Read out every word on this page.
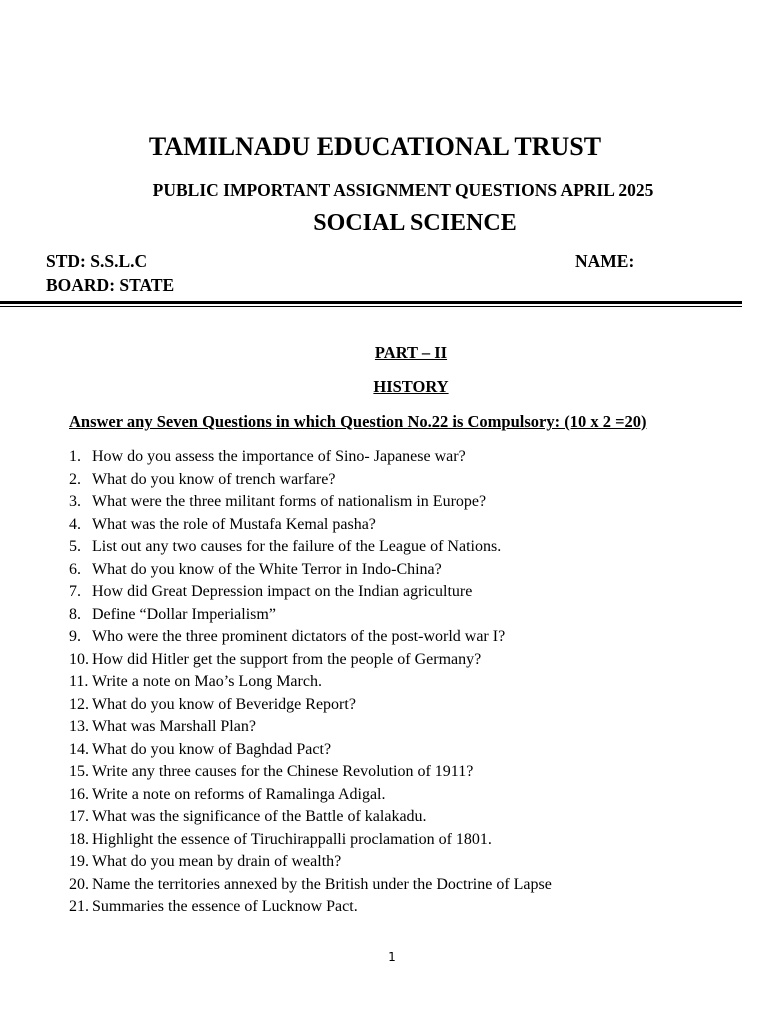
TAMILNADU EDUCATIONAL TRUST
PUBLIC IMPORTANT ASSIGNMENT QUESTIONS APRIL 2025
SOCIAL SCIENCE
STD: S.S.L.C	NAME:
BOARD: STATE
PART – II
HISTORY
Answer any Seven Questions in which Question No.22 is Compulsory: (10 x 2 =20)
1. How do you assess the importance of Sino- Japanese war?
2. What do you know of trench warfare?
3. What were the three militant forms of nationalism in Europe?
4. What was the role of Mustafa Kemal pasha?
5. List out any two causes for the failure of the League of Nations.
6. What do you know of the White Terror in Indo-China?
7. How did Great Depression impact on the Indian agriculture
8. Define “Dollar Imperialism”
9. Who were the three prominent dictators of the post-world war I?
10. How did Hitler get the support from the people of Germany?
11. Write a note on Mao’s Long March.
12. What do you know of Beveridge Report?
13. What was Marshall Plan?
14. What do you know of Baghdad Pact?
15. Write any three causes for the Chinese Revolution of 1911?
16. Write a note on reforms of Ramalinga Adigal.
17. What was the significance of the Battle of kalakadu.
18. Highlight the essence of Tiruchirappalli proclamation of 1801.
19. What do you mean by drain of wealth?
20. Name the territories annexed by the British under the Doctrine of Lapse
21. Summaries the essence of Lucknow Pact.
1
